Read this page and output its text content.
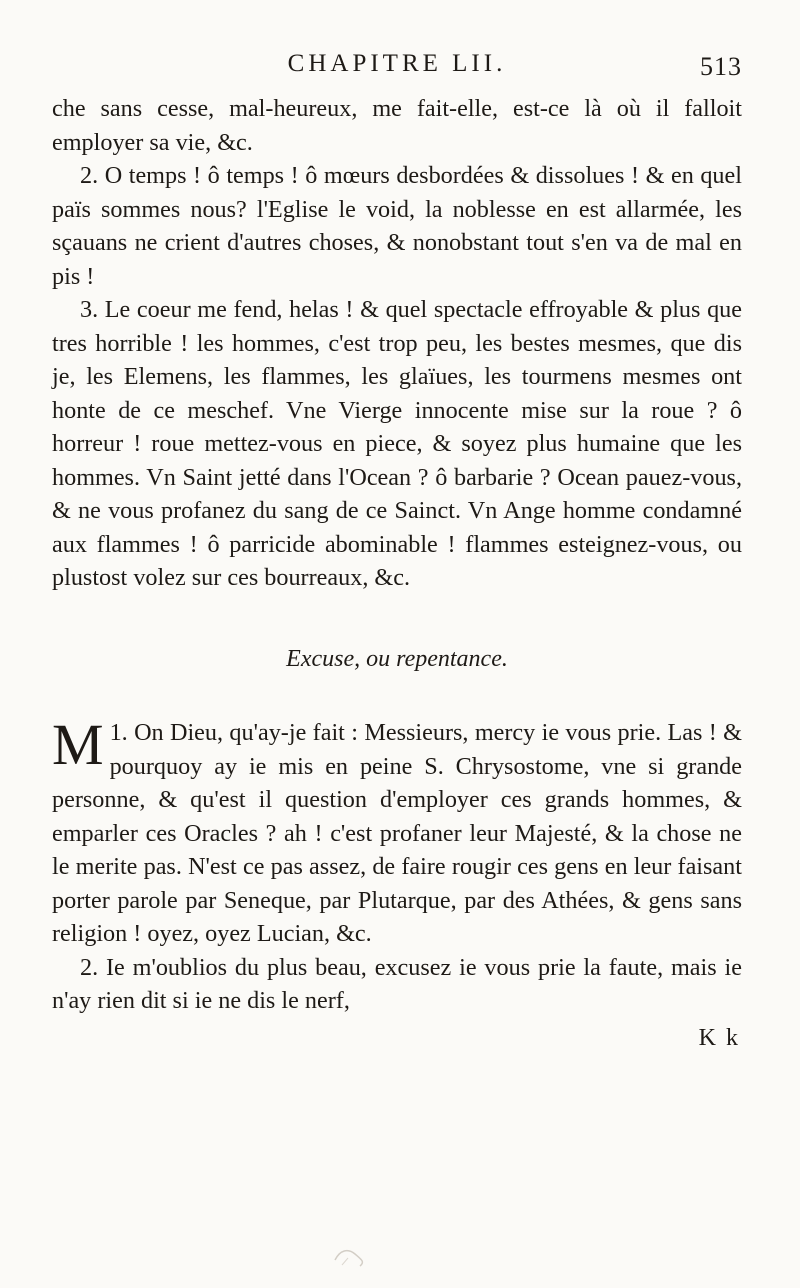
CHAPITRE LII.	513

che sans cesse, mal-heureux, me fait-elle, est-ce là où il falloit employer sa vie, &c.

2. O temps ! ô temps ! ô mœurs desbordées & dissolues ! & en quel païs sommes nous? l'Eglise le void, la noblesse en est allarmée, les sçauans ne crient d'autres choses, & nonobstant tout s'en va de mal en pis !

3. Le coeur me fend, helas ! & quel spectacle effroyable & plus que tres horrible ! les hommes, c'est trop peu, les bestes mesmes, que dis je, les Elemens, les flammes, les glaïues, les tourmens mesmes ont honte de ce meschef. Vne Vierge innocente mise sur la roue ? ô horreur ! roue mettez-vous en piece, & soyez plus humaine que les hommes. Vn Saint jetté dans l'Ocean ? ô barbarie ? Ocean pauez-vous, & ne vous profanez du sang de ce Sainct. Vn Ange homme condamné aux flammes ! ô parricide abominable ! flammes esteignez-vous, ou plustost volez sur ces bourreaux, &c.

Excuse, ou repentance.

1.
M On Dieu, qu'ay-je fait : Messieurs, mercy ie vous prie. Las ! & pourquoy ay ie mis en peine S. Chrysostome, vne si grande personne, & qu'est il question d'employer ces grands hommes, & emparler ces Oracles ? ah ! c'est profaner leur Majesté, & la chose ne le merite pas. N'est ce pas assez, de faire rougir ces gens en leur faisant porter parole par Seneque, par Plutarque, par des Athées, & gens sans religion ! oyez, oyez Lucian, &c.

2. Ie m'oublios du plus beau, excusez ie vous prie la faute, mais ie n'ay rien dit si ie ne dis le nerf,

K k
